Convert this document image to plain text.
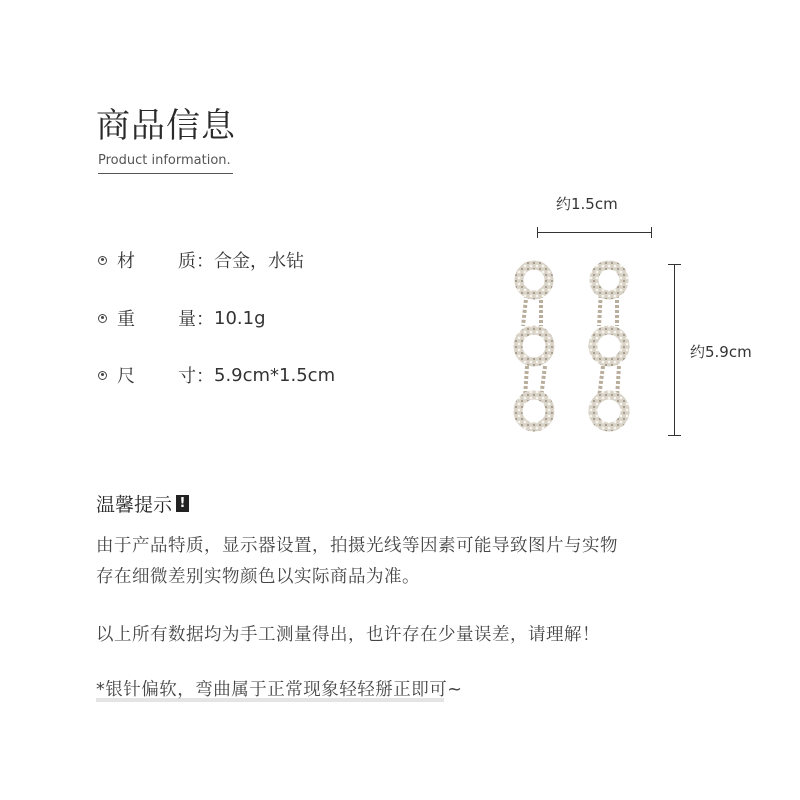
商品信息
Product information.
材 质： 合金，水钻
重 量： 10.1g
尺 寸： 5.9cm*1.5cm
约1.5cm
约5.9cm
温馨提示 !
由于产品特质，显示器设置，拍摄光线等因素可能导致图片与实物
存在细微差别实物颜色以实际商品为准。
以上所有数据均为手工测量得出，也许存在少量误差，请理解！
*银针偏软，弯曲属于正常现象轻轻掰正即可~
